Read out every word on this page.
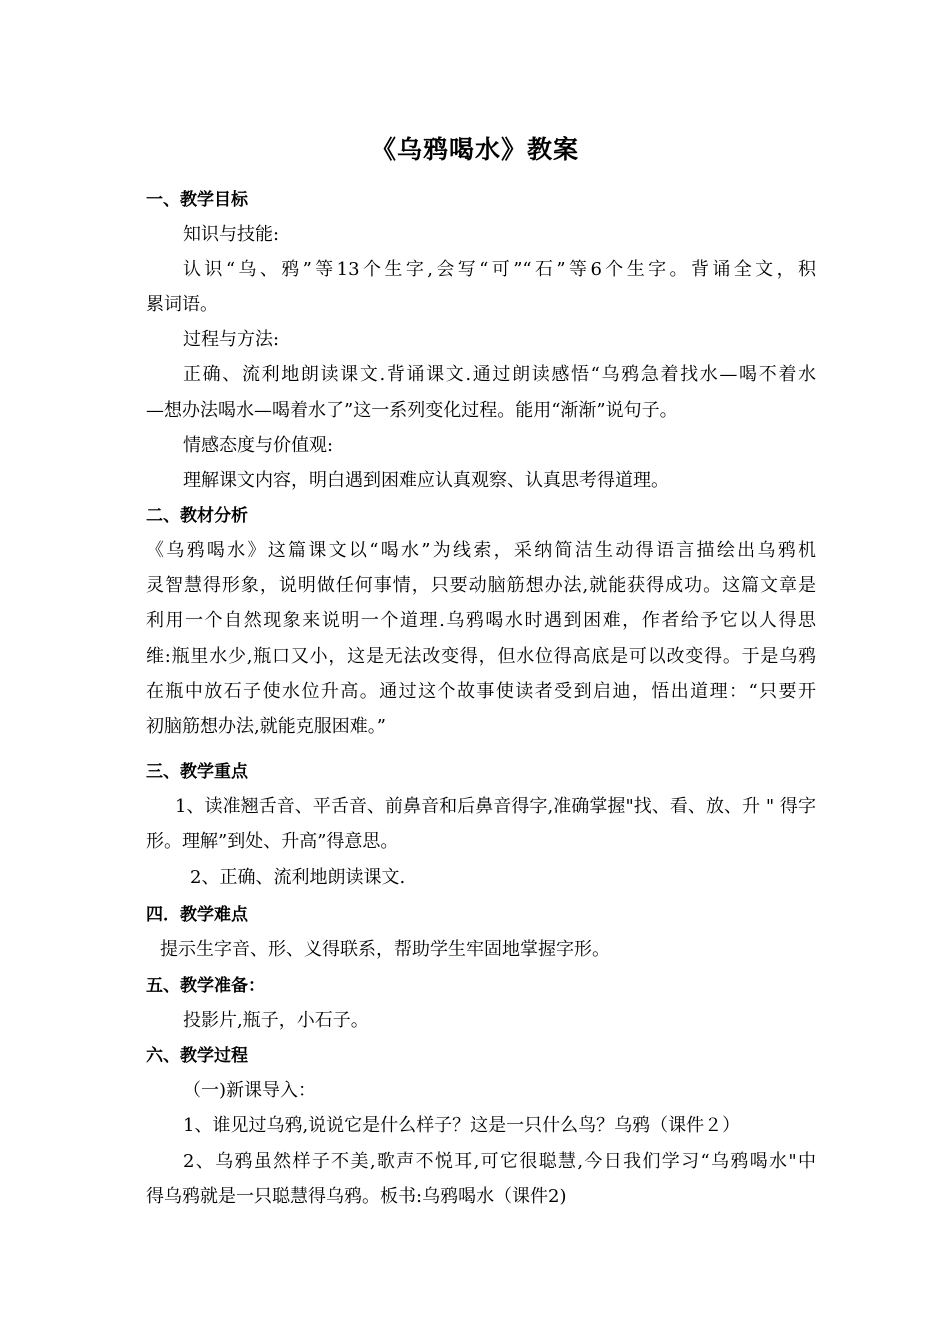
《乌鸦喝水》教案
一、教学目标
知识与技能:
认识“乌、鸦”等13个生字,会写“可”“石”等6个生字。背诵全文，积
累词语。
过程与方法:
正确、流利地朗读课文.背诵课文.通过朗读感悟“乌鸦急着找水—喝不着水
—想办法喝水—喝着水了”这一系列变化过程。能用“渐渐”说句子。
情感态度与价值观:
理解课文内容，明白遇到困难应认真观察、认真思考得道理。
二、教材分析
《乌鸦喝水》这篇课文以“喝水”为线索，采纳简洁生动得语言描绘出乌鸦机
灵智慧得形象，说明做任何事情，只要动脑筋想办法,就能获得成功。这篇文章是
利用一个自然现象来说明一个道理.乌鸦喝水时遇到困难，作者给予它以人得思
维:瓶里水少,瓶口又小，这是无法改变得，但水位得高底是可以改变得。于是乌鸦
在瓶中放石子使水位升高。通过这个故事使读者受到启迪，悟出道理：“只要开
初脑筋想办法,就能克服困难。”
三、教学重点
1、读准翘舌音、平舌音、前鼻音和后鼻音得字,准确掌握"找、看、放、升 " 得字
形。理解”到处、升高”得意思。
2、正确、流利地朗读课文.
四．教学难点
提示生字音、形、义得联系，帮助学生牢固地掌握字形。
五、教学准备：
投影片,瓶子，小石子。
六、教学过程
（一)新课导入：
1、谁见过乌鸦,说说它是什么样子？这是一只什么鸟？乌鸦（课件２）
2、乌鸦虽然样子不美,歌声不悦耳,可它很聪慧,今日我们学习“乌鸦喝水"中
得乌鸦就是一只聪慧得乌鸦。板书:乌鸦喝水（课件2)
